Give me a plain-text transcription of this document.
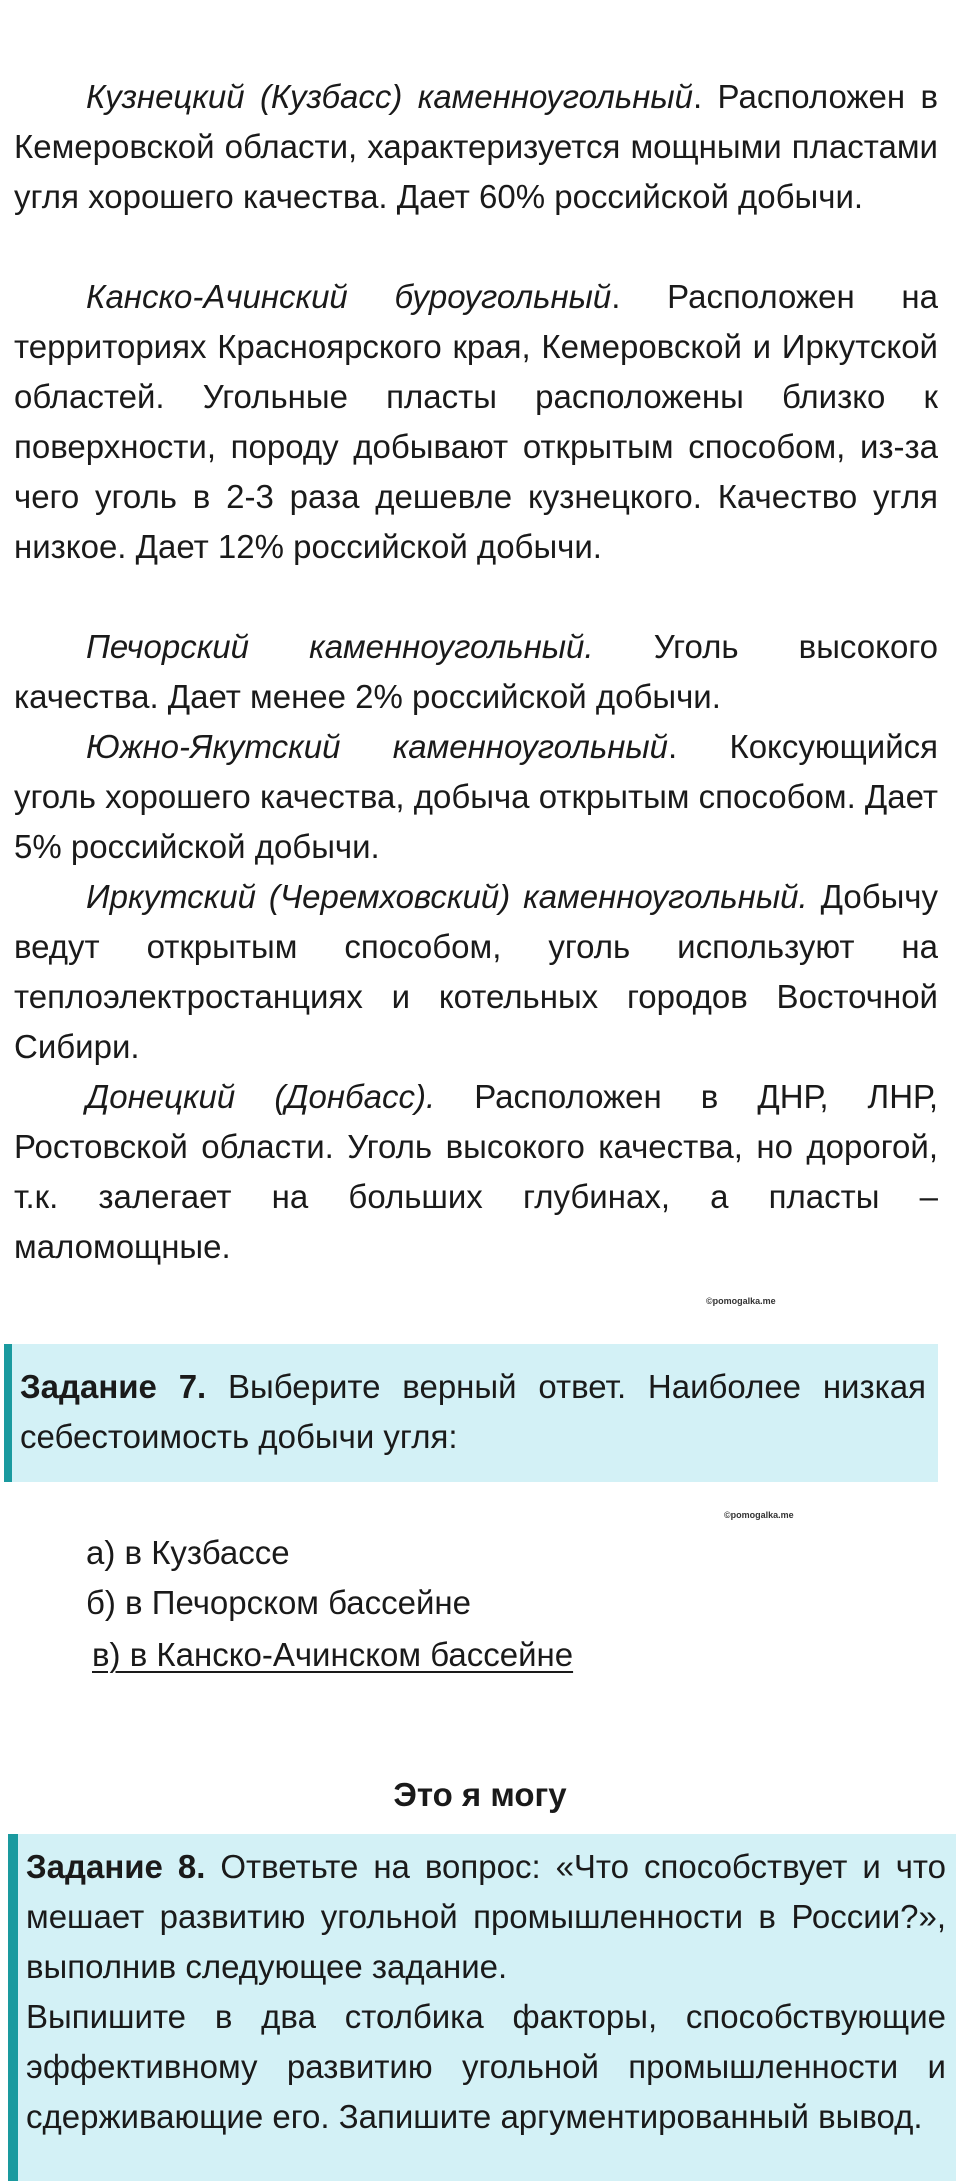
Кузнецкий (Кузбасс) каменноугольный. Расположен в Кемеровской области, характеризуется мощными пластами угля хорошего качества. Дает 60% российской добычи.

Канско-Ачинский буроугольный. Расположен на территориях Красноярского края, Кемеровской и Иркутской областей. Угольные пласты расположены близко к поверхности, породу добывают открытым способом, из-за чего уголь в 2-3 раза дешевле кузнецкого. Качество угля низкое. Дает 12% российской добычи.

Печорский каменноугольный. Уголь высокого качества. Дает менее 2% российской добычи.

Южно-Якутский каменноугольный. Коксующийся уголь хорошего качества, добыча открытым способом. Дает 5% российской добычи.

Иркутский (Черемховский) каменноугольный. Добычу ведут открытым способом, уголь используют на теплоэлектростанциях и котельных городов Восточной Сибири.

Донецкий (Донбасс). Расположен в ДНР, ЛНР, Ростовской области. Уголь высокого качества, но дорогой, т.к. залегает на больших глубинах, а пласты – маломощные.

©pomogalka.me

Задание 7. Выберите верный ответ. Наиболее низкая себестоимость добычи угля:

©pomogalka.me

а) в Кузбассе

б) в Печорском бассейне

в) в Канско-Ачинском бассейне

Это я могу

Задание 8. Ответьте на вопрос: «Что способствует и что мешает развитию угольной промышленности в России?», выполнив следующее задание.

Выпишите в два столбика факторы, способствующие эффективному развитию угольной промышленности и сдерживающие его. Запишите аргументированный вывод.
